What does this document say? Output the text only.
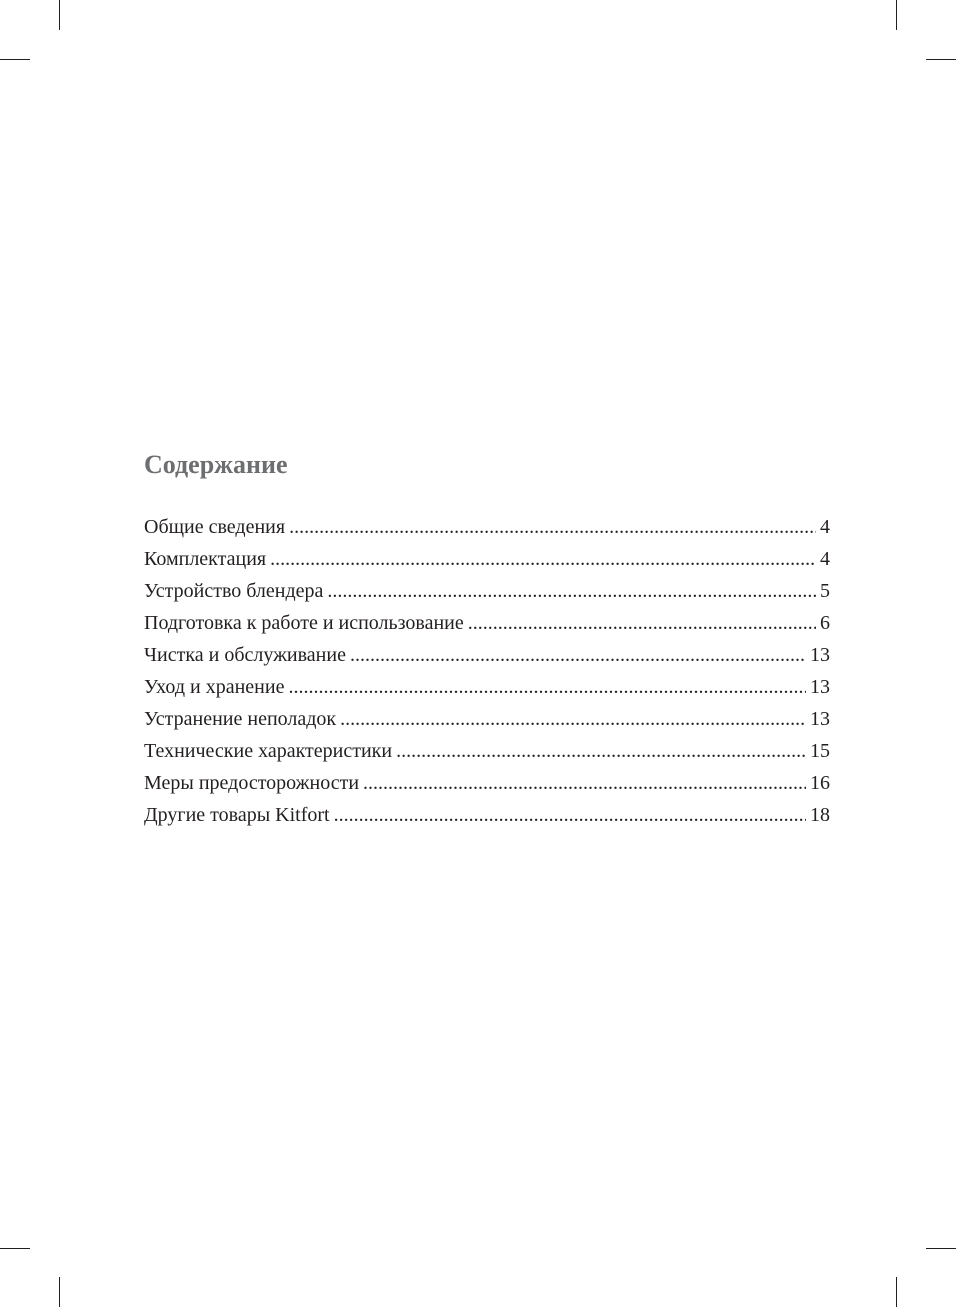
Содержание
Общие сведения .....	4
Комплектация .....	4
Устройство блендера .....	5
Подготовка к работе и использование .....	6
Чистка и обслуживание .....	13
Уход и хранение .....	13
Устранение неполадок .....	13
Технические характеристики .....	15
Меры предосторожности .....	16
Другие товары Kitfort .....	18
